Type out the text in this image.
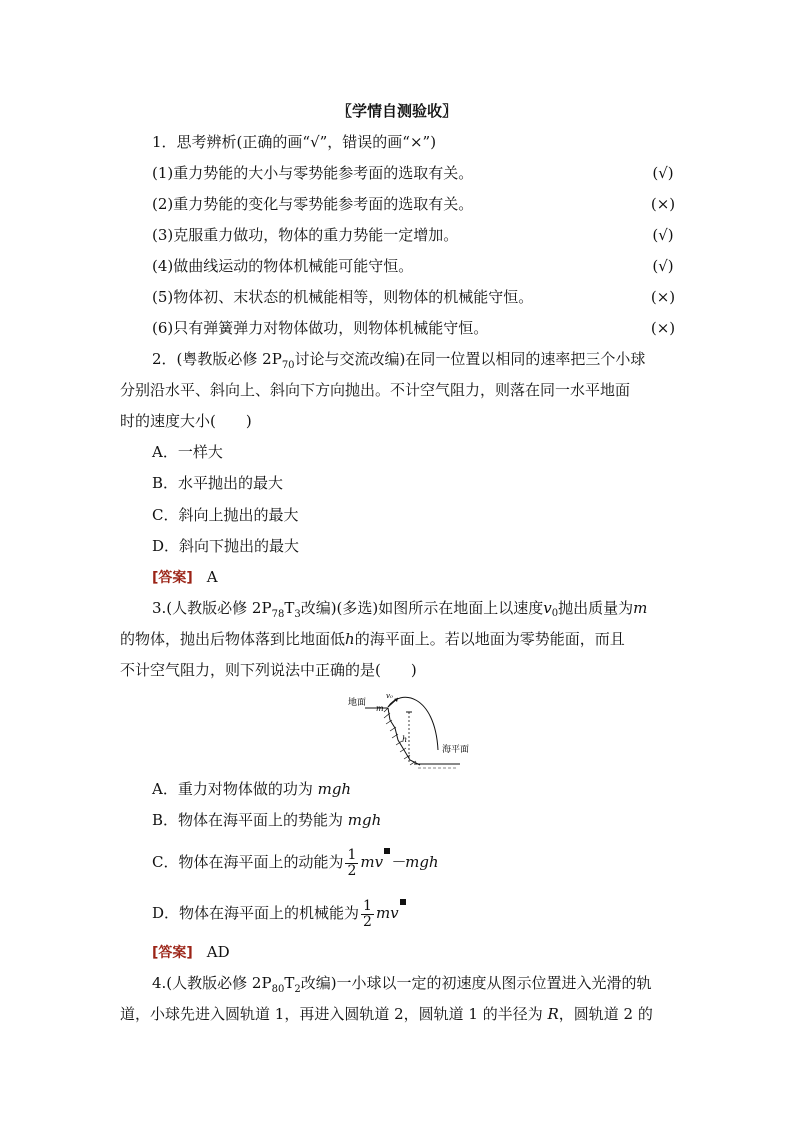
〖学情自测验收〗
1．思考辨析(正确的画“√”，错误的画“×”)
(1)重力势能的大小与零势能参考面的选取有关。	(√)
(2)重力势能的变化与零势能参考面的选取有关。	(×)
(3)克服重力做功，物体的重力势能一定增加。	(√)
(4)做曲线运动的物体机械能可能守恒。	(√)
(5)物体初、末状态的机械能相等，则物体的机械能守恒。	(×)
(6)只有弹簧弹力对物体做功，则物体机械能守恒。	(×)
2．(粤教版必修 $2P_{70}$讨论与交流改编)在同一位置以相同的速率把三个小球
分别沿水平、斜向上、斜向下方向抛出。不计空气阻力，则落在同一水平地面
时的速度大小(　　)
A．一样大
B．水平抛出的最大
C．斜向上抛出的最大
D．斜向下抛出的最大
[答案] A
3.(人教版必修 $2P_{78}T_3$改编)(多选)如图所示在地面上以速度$v_0$抛出质量为m
的物体，抛出后物体落到比地面低h的海平面上。若以地面为零势能面，而且
不计空气阻力，则下列说法中正确的是(　　)
地面
m
v₀
h
海平面
A．重力对物体做的功为 mgh
B．物体在海平面上的势能为 mgh
C．物体在海平面上的动能为 $\frac{1}{2}$ mv －mgh
D．物体在海平面上的机械能为 $\frac{1}{2}$ mv
[答案] AD
4.(人教版必修 $2P_{80}T_2$改编)一小球以一定的初速度从图示位置进入光滑的轨
道，小球先进入圆轨道 1，再进入圆轨道 2，圆轨道 1 的半径为 R，圆轨道 2 的
